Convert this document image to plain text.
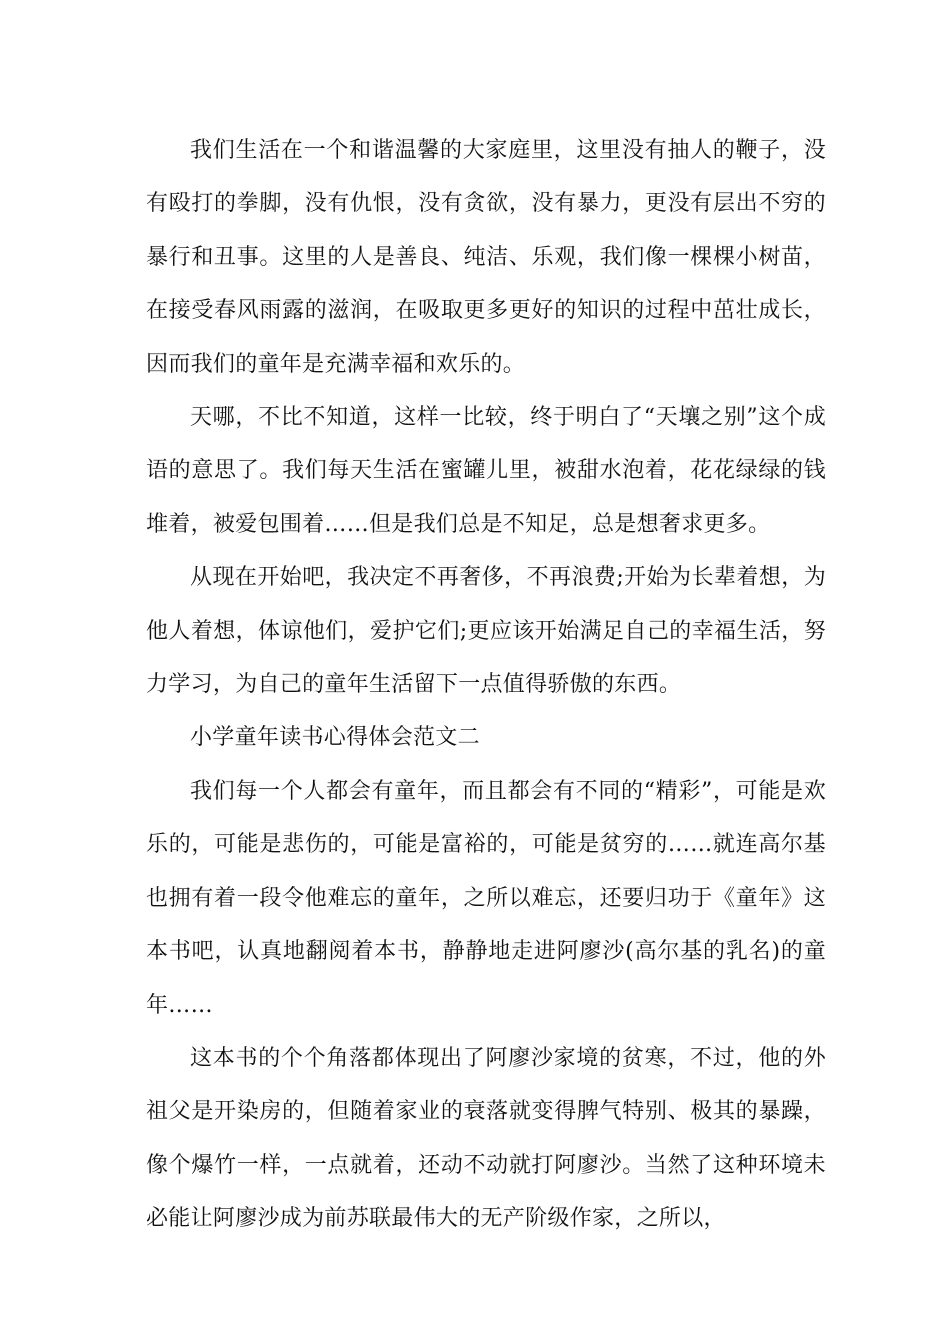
我们生活在一个和谐温馨的大家庭里，这里没有抽人的鞭子，没有殴打的拳脚，没有仇恨，没有贪欲，没有暴力，更没有层出不穷的暴行和丑事。这里的人是善良、纯洁、乐观，我们像一棵棵小树苗，在接受春风雨露的滋润，在吸取更多更好的知识的过程中茁壮成长，因而我们的童年是充满幸福和欢乐的。

天哪，不比不知道，这样一比较，终于明白了“天壤之别”这个成语的意思了。我们每天生活在蜜罐儿里，被甜水泡着，花花绿绿的钱堆着，被爱包围着……但是我们总是不知足，总是想奢求更多。

从现在开始吧，我决定不再奢侈，不再浪费;开始为长辈着想，为他人着想，体谅他们，爱护它们;更应该开始满足自己的幸福生活，努力学习，为自己的童年生活留下一点值得骄傲的东西。

小学童年读书心得体会范文二

我们每一个人都会有童年，而且都会有不同的“精彩”，可能是欢乐的，可能是悲伤的，可能是富裕的，可能是贫穷的……就连高尔基也拥有着一段令他难忘的童年，之所以难忘，还要归功于《童年》这本书吧，认真地翻阅着本书，静静地走进阿廖沙(高尔基的乳名)的童年……

这本书的个个角落都体现出了阿廖沙家境的贫寒，不过，他的外祖父是开染房的，但随着家业的衰落就变得脾气特别、极其的暴躁，像个爆竹一样，一点就着，还动不动就打阿廖沙。当然了这种环境未必能让阿廖沙成为前苏联最伟大的无产阶级作家，之所以，
